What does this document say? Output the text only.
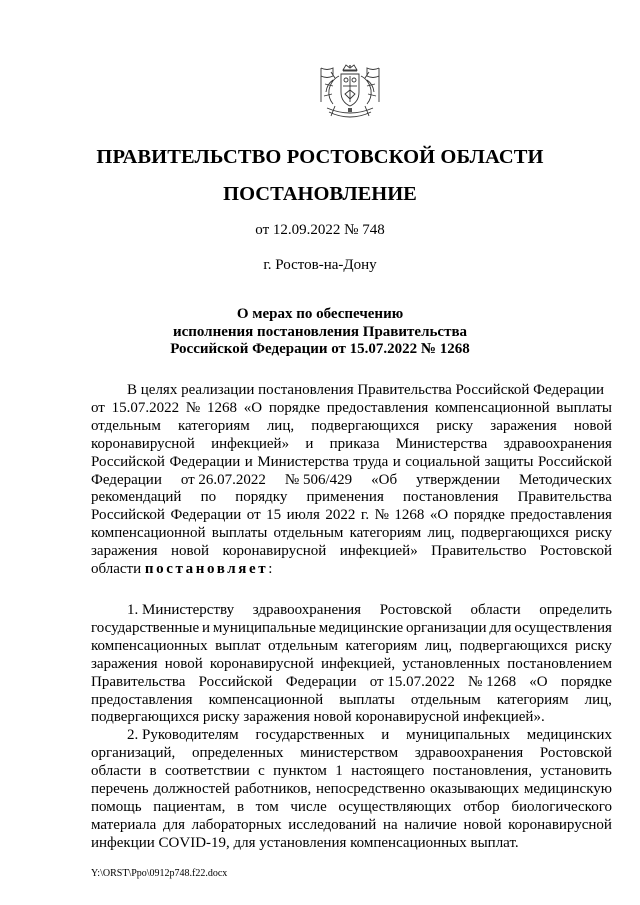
ПРАВИТЕЛЬСТВО РОСТОВСКОЙ ОБЛАСТИ
ПОСТАНОВЛЕНИЕ
от 12.09.2022 № 748
г. Ростов-на-Дону
О мерах по обеспечению
исполнения постановления Правительства
Российской Федерации от 15.07.2022 № 1268
В целях реализации постановления Правительства Российской Федерации
от 15.07.2022 № 1268 «О порядке предоставления компенсационной выплаты
отдельным категориям лиц, подвергающихся риску заражения новой
коронавирусной инфекцией» и приказа Министерства здравоохранения
Российской Федерации и Министерства труда и социальной защиты Российской
Федерации от 26.07.2022 № 506/429 «Об утверждении Методических
рекомендаций по порядку применения постановления Правительства
Российской Федерации от 15 июля 2022 г. № 1268 «О порядке предоставления
компенсационной выплаты отдельным категориям лиц, подвергающихся риску
заражения новой коронавирусной инфекцией» Правительство Ростовской
области постановляет:
1. Министерству здравоохранения Ростовской области определить
государственные и муниципальные медицинские организации для осуществления
компенсационных выплат отдельным категориям лиц, подвергающихся риску
заражения новой коронавирусной инфекцией, установленных постановлением
Правительства Российской Федерации от 15.07.2022 № 1268 «О порядке
предоставления компенсационной выплаты отдельным категориям лиц,
подвергающихся риску заражения новой коронавирусной инфекцией».
2. Руководителям государственных и муниципальных медицинских
организаций, определенных министерством здравоохранения Ростовской
области в соответствии с пунктом 1 настоящего постановления, установить
перечень должностей работников, непосредственно оказывающих медицинскую
помощь пациентам, в том числе осуществляющих отбор биологического
материала для лабораторных исследований на наличие новой коронавирусной
инфекции COVID-19, для установления компенсационных выплат.
Y:\ORST\Ppo\0912p748.f22.docx
